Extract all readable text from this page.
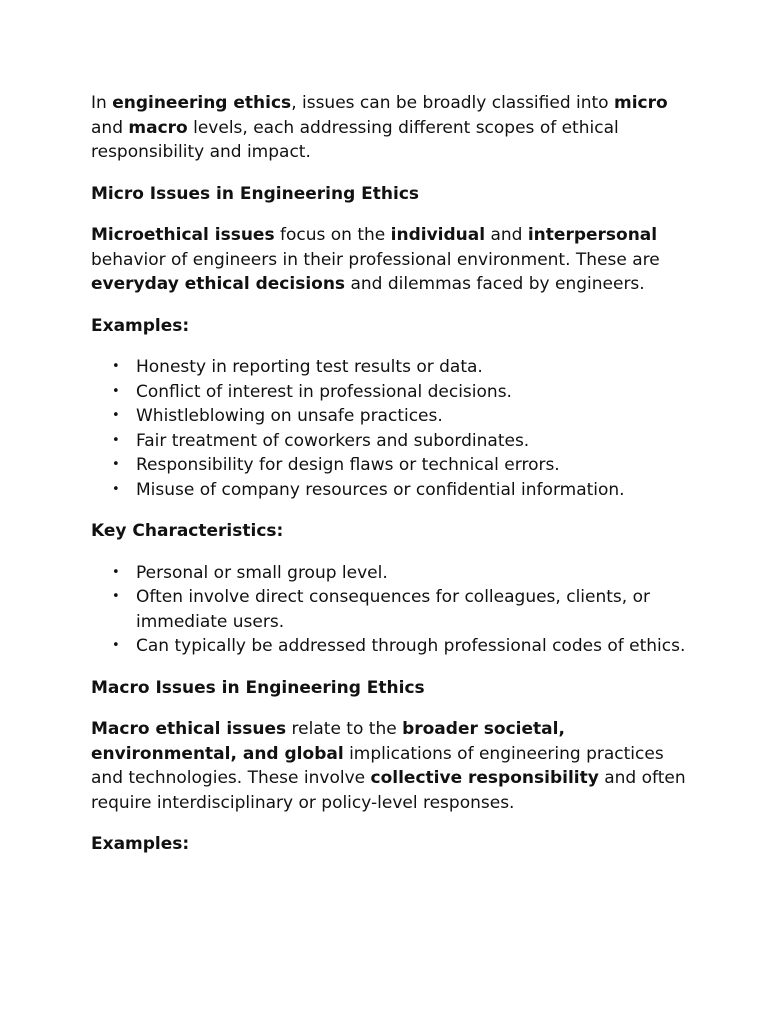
In engineering ethics, issues can be broadly classified into micro and macro levels, each addressing different scopes of ethical responsibility and impact.

Micro Issues in Engineering Ethics

Microethical issues focus on the individual and interpersonal behavior of engineers in their professional environment. These are everyday ethical decisions and dilemmas faced by engineers.

Examples:
• Honesty in reporting test results or data.
• Conflict of interest in professional decisions.
• Whistleblowing on unsafe practices.
• Fair treatment of coworkers and subordinates.
• Responsibility for design flaws or technical errors.
• Misuse of company resources or confidential information.
Key Characteristics:
• Personal or small group level.
• Often involve direct consequences for colleagues, clients, or immediate users.
• Can typically be addressed through professional codes of ethics.
Macro Issues in Engineering Ethics

Macro ethical issues relate to the broader societal, environmental, and global implications of engineering practices and technologies. These involve collective responsibility and often require interdisciplinary or policy-level responses.

Examples:
